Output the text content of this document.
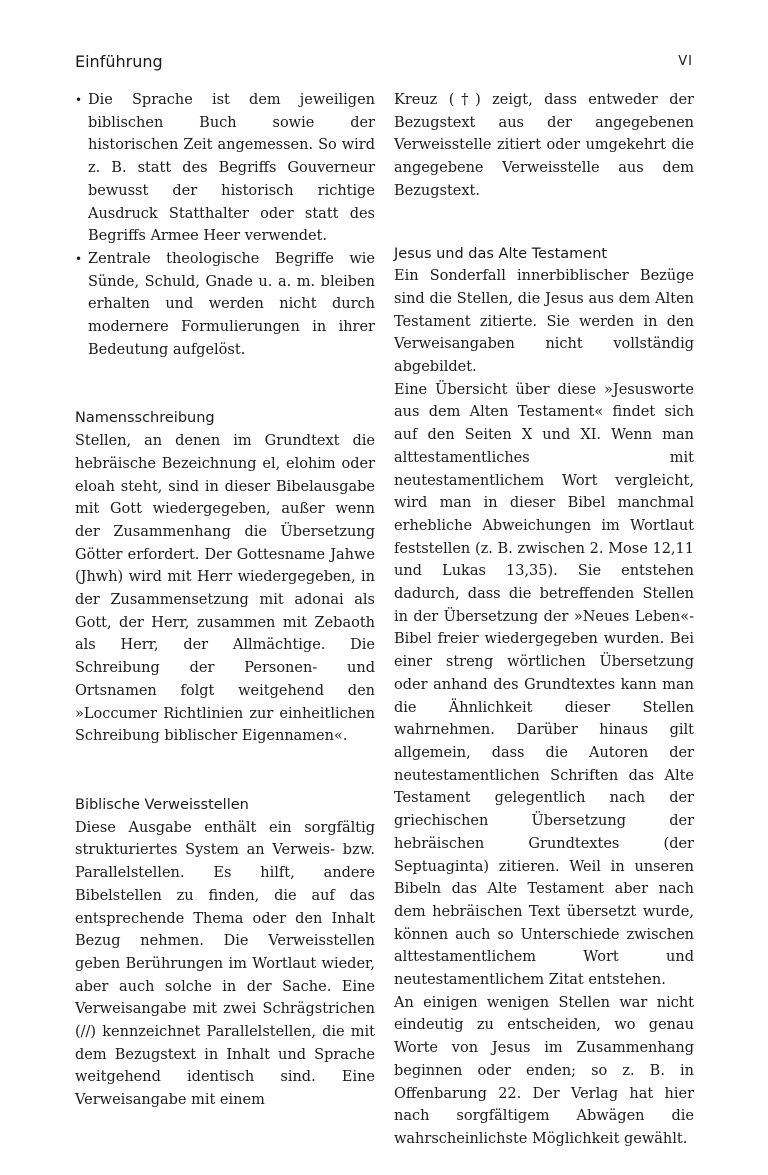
Einführung	VI
• Die Sprache ist dem jeweiligen biblischen Buch sowie der historischen Zeit angemessen. So wird z. B. statt des Begriffs Gouverneur bewusst der historisch richtige Ausdruck Statthalter oder statt des Begriffs Armee Heer verwendet.
• Zentrale theologische Begriffe wie Sünde, Schuld, Gnade u. a. m. bleiben erhalten und werden nicht durch modernere Formulierungen in ihrer Bedeutung aufgelöst.
Namensschreibung

Stellen, an denen im Grundtext die hebräische Bezeichnung el, elohim oder eloah steht, sind in dieser Bibelausgabe mit Gott wiedergegeben, außer wenn der Zusammenhang die Übersetzung Götter erfordert. Der Gottesname Jahwe (Jhwh) wird mit Herr wiedergegeben, in der Zusammensetzung mit adonai als Gott, der Herr, zusammen mit Zebaoth als Herr, der Allmächtige. Die Schreibung der Personen- und Ortsnamen folgt weitgehend den »Loccumer Richtlinien zur einheitlichen Schreibung biblischer Eigennamen«.

Biblische Verweisstellen

Diese Ausgabe enthält ein sorgfältig strukturiertes System an Verweis- bzw. Parallelstellen. Es hilft, andere Bibelstellen zu finden, die auf das entsprechende Thema oder den Inhalt Bezug nehmen. Die Verweisstellen geben Berührungen im Wortlaut wieder, aber auch solche in der Sache. Eine Verweisangabe mit zwei Schrägstrichen (//) kennzeichnet Parallelstellen, die mit dem Bezugstext in Inhalt und Sprache weitgehend identisch sind. Eine Verweisangabe mit einem

Kreuz (†) zeigt, dass entweder der Bezugstext aus der angegebenen Verweisstelle zitiert oder umgekehrt die angegebene Verweisstelle aus dem Bezugstext.

Jesus und das Alte Testament

Ein Sonderfall innerbiblischer Bezüge sind die Stellen, die Jesus aus dem Alten Testament zitierte. Sie werden in den Verweisangaben nicht vollständig abgebildet.

Eine Übersicht über diese »Jesusworte aus dem Alten Testament« findet sich auf den Seiten X und XI. Wenn man alttestamentliches mit neutestamentlichem Wort vergleicht, wird man in dieser Bibel manchmal erhebliche Abweichungen im Wortlaut feststellen (z. B. zwischen 2. Mose 12,11 und Lukas 13,35). Sie entstehen dadurch, dass die betreffenden Stellen in der Übersetzung der »Neues Leben«-Bibel freier wiedergegeben wurden. Bei einer streng wörtlichen Übersetzung oder anhand des Grundtextes kann man die Ähnlichkeit dieser Stellen wahrnehmen. Darüber hinaus gilt allgemein, dass die Autoren der neutestamentlichen Schriften das Alte Testament gelegentlich nach der griechischen Übersetzung der hebräischen Grundtextes (der Septuaginta) zitieren. Weil in unseren Bibeln das Alte Testament aber nach dem hebräischen Text übersetzt wurde, können auch so Unterschiede zwischen alttestamentlichem Wort und neutestamentlichem Zitat entstehen.

An einigen wenigen Stellen war nicht eindeutig zu entscheiden, wo genau Worte von Jesus im Zusammenhang beginnen oder enden; so z. B. in Offenbarung 22. Der Verlag hat hier nach sorgfältigem Abwägen die wahrscheinlichste Möglichkeit gewählt.
